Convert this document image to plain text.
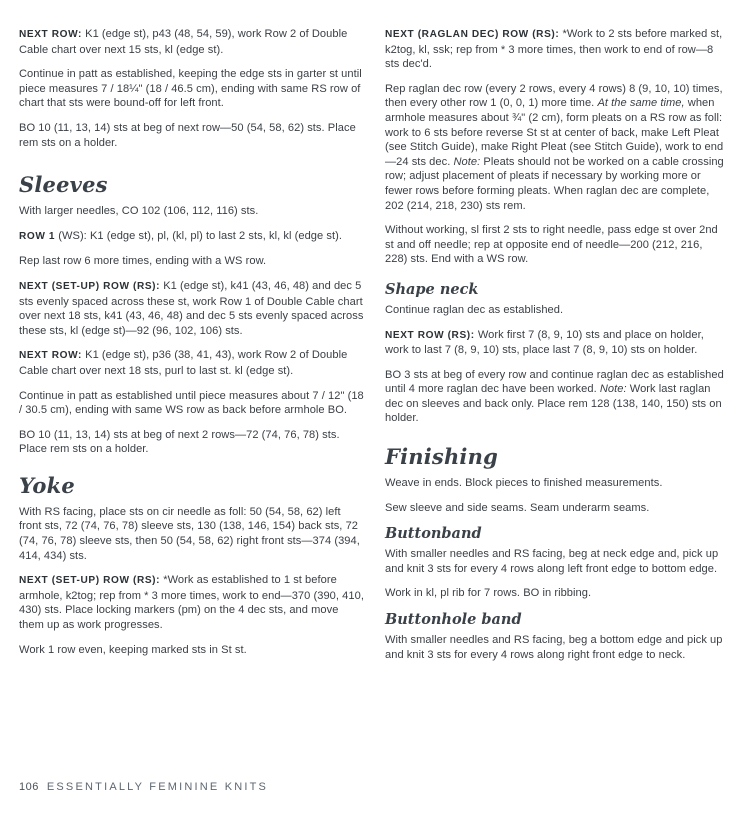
NEXT ROW: K1 (edge st), p43 (48, 54, 59), work Row 2 of Double Cable chart over next 15 sts, kl (edge st).

Continue in patt as established, keeping the edge sts in garter st until piece measures 7 / 18¼" (18 / 46.5 cm), ending with same RS row of chart that sts were bound-off for left front.

BO 10 (11, 13, 14) sts at beg of next row—50 (54, 58, 62) sts. Place rem sts on a holder.

Sleeves

With larger needles, CO 102 (106, 112, 116) sts.

ROW 1 (WS): K1 (edge st), pl, (kl, pl) to last 2 sts, kl, kl (edge st).

Rep last row 6 more times, ending with a WS row.

NEXT (SET-UP) ROW (RS): K1 (edge st), k41 (43, 46, 48) and dec 5 sts evenly spaced across these st, work Row 1 of Double Cable chart over next 18 sts, k41 (43, 46, 48) and dec 5 sts evenly spaced across these sts, kl (edge st)—92 (96, 102, 106) sts.

NEXT ROW: K1 (edge st), p36 (38, 41, 43), work Row 2 of Double Cable chart over next 18 sts, purl to last st. kl (edge st).

Continue in patt as established until piece measures about 7 / 12" (18 / 30.5 cm), ending with same WS row as back before armhole BO.

BO 10 (11, 13, 14) sts at beg of next 2 rows—72 (74, 76, 78) sts. Place rem sts on a holder.

Yoke

With RS facing, place sts on cir needle as foll: 50 (54, 58, 62) left front sts, 72 (74, 76, 78) sleeve sts, 130 (138, 146, 154) back sts, 72 (74, 76, 78) sleeve sts, then 50 (54, 58, 62) right front sts—374 (394, 414, 434) sts.

NEXT (SET-UP) ROW (RS): *Work as established to 1 st before armhole, k2tog; rep from * 3 more times, work to end—370 (390, 410, 430) sts. Place locking markers (pm) on the 4 dec sts, and move them up as work progresses.

Work 1 row even, keeping marked sts in St st.

NEXT (RAGLAN DEC) ROW (RS): *Work to 2 sts before marked st, k2tog, kl, ssk; rep from * 3 more times, then work to end of row—8 sts dec'd.

Rep raglan dec row (every 2 rows, every 4 rows) 8 (9, 10, 10) times, then every other row 1 (0, 0, 1) more time. At the same time, when armhole measures about ¾" (2 cm), form pleats on a RS row as foll: work to 6 sts before reverse St st at center of back, make Left Pleat (see Stitch Guide), make Right Pleat (see Stitch Guide), work to end—24 sts dec. Note: Pleats should not be worked on a cable crossing row; adjust placement of pleats if necessary by working more or fewer rows before forming pleats. When raglan dec are complete, 202 (214, 218, 230) sts rem.

Without working, sl first 2 sts to right needle, pass edge st over 2nd st and off needle; rep at opposite end of needle—200 (212, 216, 228) sts. End with a WS row.

Shape neck

Continue raglan dec as established.

NEXT ROW (RS): Work first 7 (8, 9, 10) sts and place on holder, work to last 7 (8, 9, 10) sts, place last 7 (8, 9, 10) sts on holder.

BO 3 sts at beg of every row and continue raglan dec as established until 4 more raglan dec have been worked. Note: Work last raglan dec on sleeves and back only. Place rem 128 (138, 140, 150) sts on holder.

Finishing

Weave in ends. Block pieces to finished measurements.

Sew sleeve and side seams. Seam underarm seams.

Buttonband

With smaller needles and RS facing, beg at neck edge and, pick up and knit 3 sts for every 4 rows along left front edge to bottom edge.

Work in kl, pl rib for 7 rows. BO in ribbing.

Buttonhole band

With smaller needles and RS facing, beg a bottom edge and pick up and knit 3 sts for every 4 rows along right front edge to neck.

106 ESSENTIALLY FEMININE KNITS
